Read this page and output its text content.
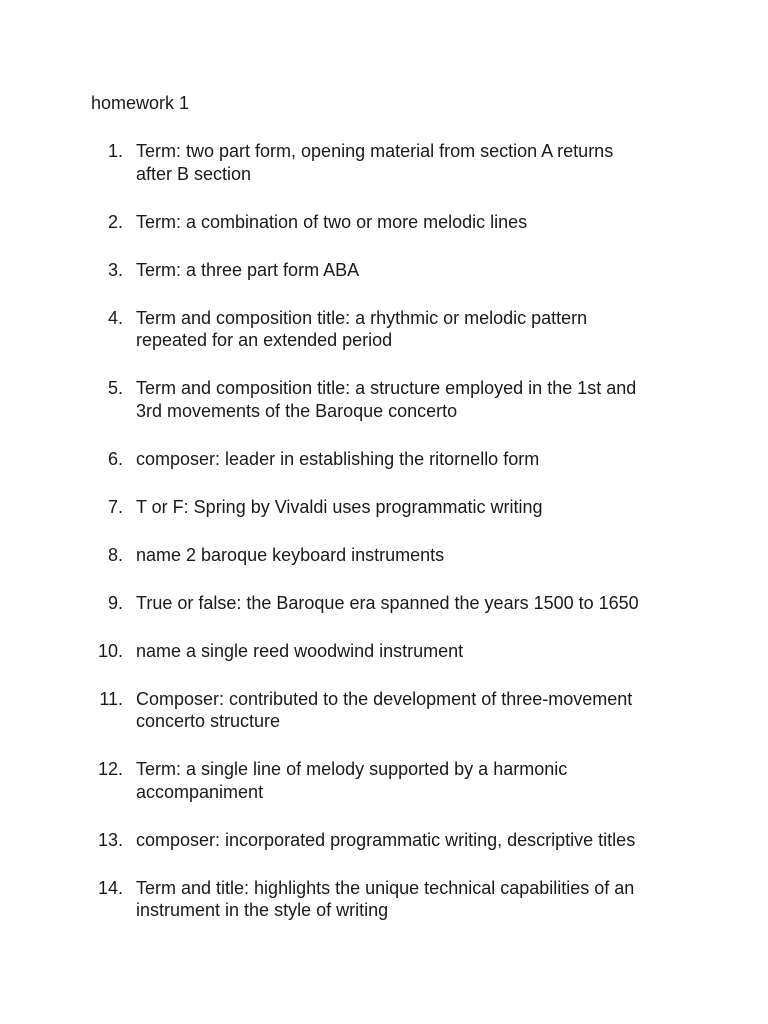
homework 1
1. Term: two part form, opening material from section A returns
after B section
2. Term: a combination of two or more melodic lines
3. Term: a three part form ABA
4. Term and composition title: a rhythmic or melodic pattern
repeated for an extended period
5. Term and composition title: a structure employed in the 1st and
3rd movements of the Baroque concerto
6. composer: leader in establishing the ritornello form
7. T or F: Spring by Vivaldi uses programmatic writing
8. name 2 baroque keyboard instruments
9. True or false: the Baroque era spanned the years 1500 to 1650
10. name a single reed woodwind instrument
11. Composer: contributed to the development of three-movement
concerto structure
12. Term: a single line of melody supported by a harmonic
accompaniment
13. composer: incorporated programmatic writing, descriptive titles
14. Term and title: highlights the unique technical capabilities of an
instrument in the style of writing
